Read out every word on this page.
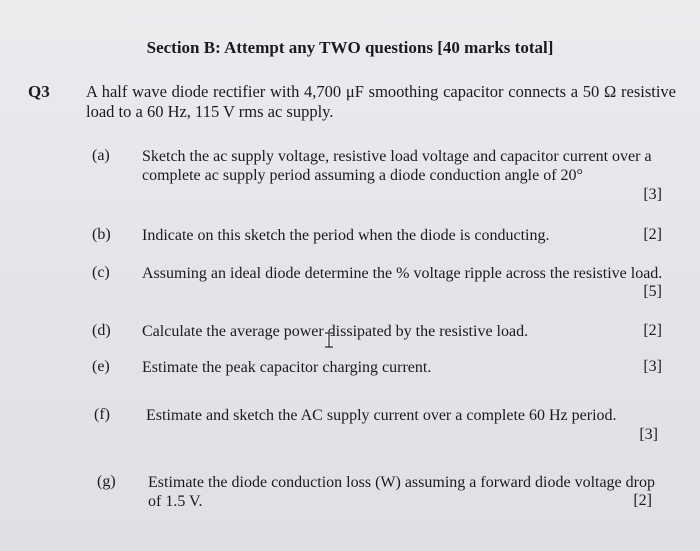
Section B: Attempt any TWO questions [40 marks total]
Q3 A half wave diode rectifier with 4,700 μF smoothing capacitor connects a 50 Ω resistive load to a 60 Hz, 115 V rms ac supply.
(a) Sketch the ac supply voltage, resistive load voltage and capacitor current over a complete ac supply period assuming a diode conduction angle of 20°
[3]
(b) Indicate on this sketch the period when the diode is conducting.	[2]
(c) Assuming an ideal diode determine the % voltage ripple across the resistive load.
[5]
(d) Calculate the average power dissipated by the resistive load.	[2]
(e) Estimate the peak capacitor charging current.	[3]
(f) Estimate and sketch the AC supply current over a complete 60 Hz period.
[3]
(g) Estimate the diode conduction loss (W) assuming a forward diode voltage drop of 1.5 V.	[2]
